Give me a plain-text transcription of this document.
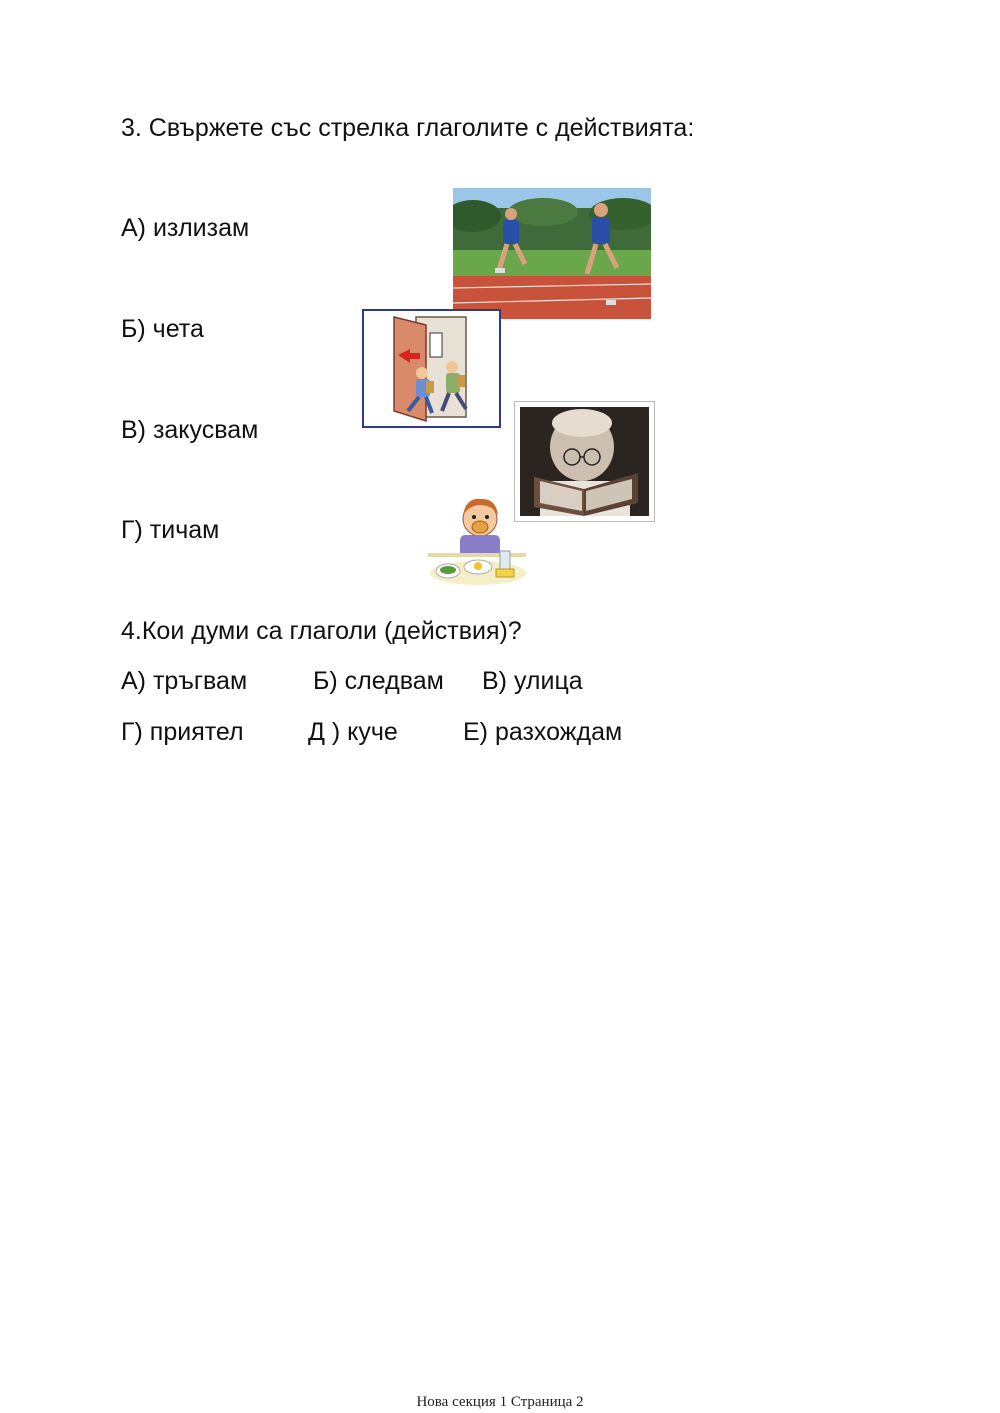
3. Свържете със стрелка глаголите с действията:
А) излизам
Б) чета
В) закусвам
Г) тичам
4.Кои думи са глаголи (действия)?
А) тръгвам	Б) следвам В) улица
Г) приятел	Д ) куче	Е) разхождам
Нова секция 1 Страница 2
